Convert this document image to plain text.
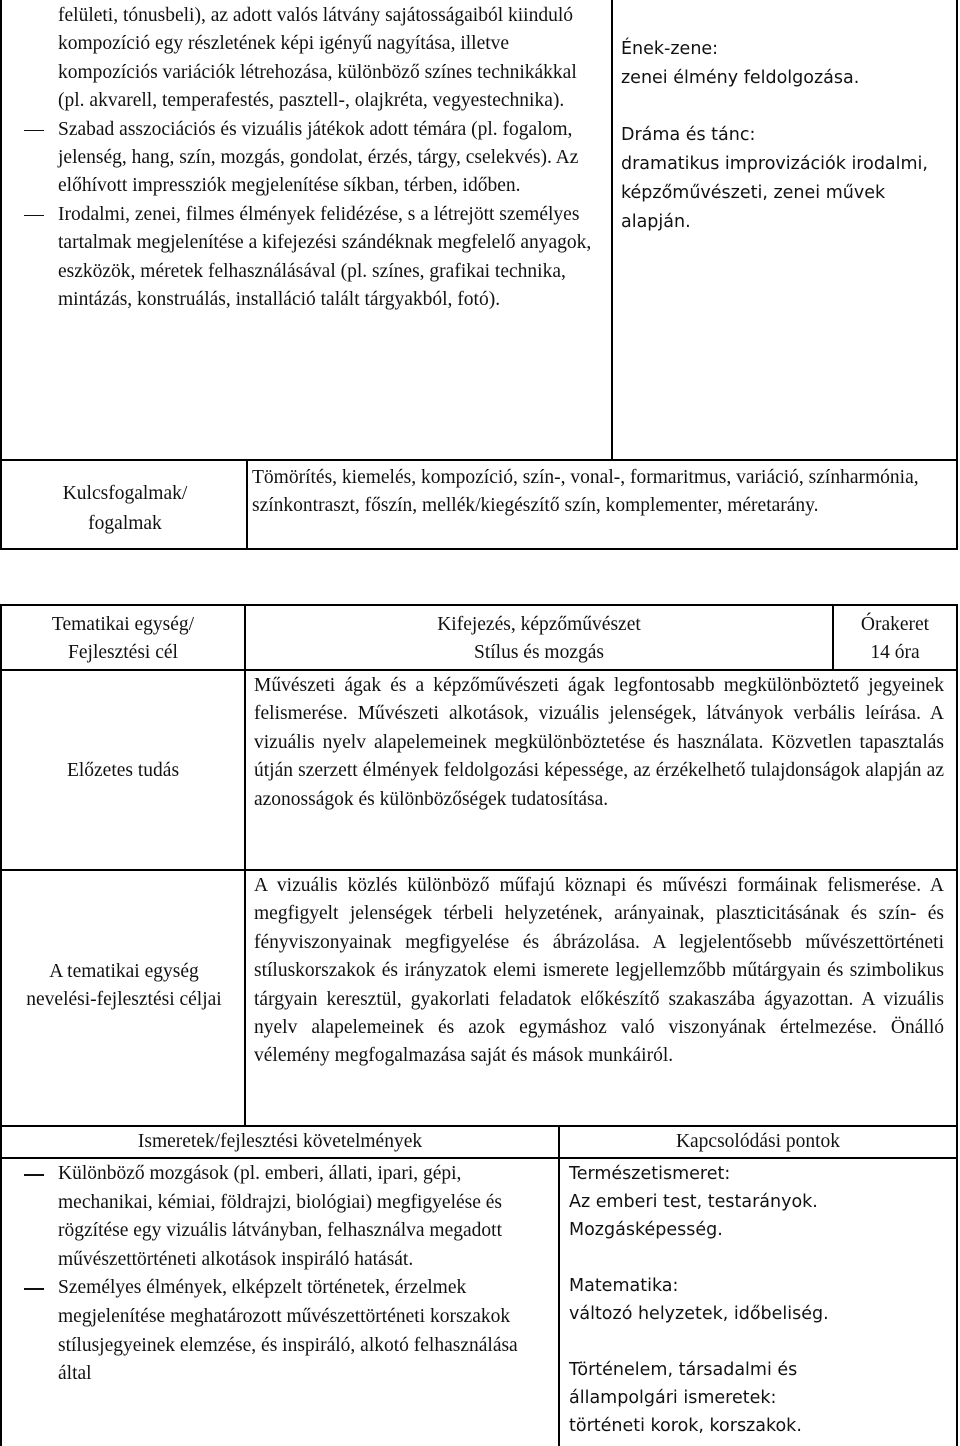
felületi, tónusbeli), az adott valós látvány sajátosságaiból kiinduló kompozíció egy részletének képi igényű nagyítása, illetve kompozíciós variációk létrehozása, különböző színes technikákkal (pl. akvarell, temperafestés, pasztell-, olajkréta, vegyestechnika).
Szabad asszociációs és vizuális játékok adott témára (pl. fogalom, jelenség, hang, szín, mozgás, gondolat, érzés, tárgy, cselekvés). Az előhívott impressziók megjelenítése síkban, térben, időben.
Irodalmi, zenei, filmes élmények felidézése, s a létrejött személyes tartalmak megjelenítése a kifejezési szándéknak megfelelő anyagok, eszközök, méretek felhasználásával (pl. színes, grafikai technika, mintázás, konstruálás, installáció talált tárgyakból, fotó).
Ének-zene:
zenei élmény feldolgozása.
Dráma és tánc:
dramatikus improvizációk irodalmi, képzőművészeti, zenei művek alapján.
Kulcsfogalmak/ fogalmak
Tömörítés, kiemelés, kompozíció, szín-, vonal-, formaritmus, variáció, színharmónia, színkontraszt, főszín, mellék/kiegészítő szín, komplementer, méretarány.
Tematikai egység/ Fejlesztési cél
Kifejezés, képzőművészet
Stílus és mozgás
Órakeret
14 óra
Előzetes tudás
Művészeti ágak és a képzőművészeti ágak legfontosabb megkülönböztető jegyeinek felismerése. Művészeti alkotások, vizuális jelenségek, látványok verbális leírása. A vizuális nyelv alapelemeinek megkülönböztetése és használata. Közvetlen tapasztalás útján szerzett élmények feldolgozási képessége, az érzékelhető tulajdonságok alapján az azonosságok és különbözőségek tudatosítása.
A tematikai egység nevelési-fejlesztési céljai
A vizuális közlés különböző műfajú köznapi és művészi formáinak felismerése. A megfigyelt jelenségek térbeli helyzetének, arányainak, plaszticitásának és szín- és fényviszonyainak megfigyelése és ábrázolása. A legjelentősebb művészettörténeti stíluskorszakok és irányzatok elemi ismerete legjellemzőbb műtárgyain és szimbolikus tárgyain keresztül, gyakorlati feladatok előkészítő szakaszába ágyazottan. A vizuális nyelv alapelemeinek és azok egymáshoz való viszonyának értelmezése. Önálló vélemény megfogalmazása saját és mások munkáiról.
Ismeretek/fejlesztési követelmények	Kapcsolódási pontok
Különböző mozgások (pl. emberi, állati, ipari, gépi, mechanikai, kémiai, földrajzi, biológiai) megfigyelése és rögzítése egy vizuális látványban, felhasználva megadott művészettörténeti alkotások inspiráló hatását.
Személyes élmények, elképzelt történetek, érzelmek megjelenítése meghatározott művészettörténeti korszakok stílusjegyeinek elemzése, és inspiráló, alkotó felhasználása által
Természetismeret:
Az emberi test, testarányok. Mozgásképesség.
Matematika:
változó helyzetek, időbeliség.
Történelem, társadalmi és állampolgári ismeretek:
történeti korok, korszakok.
